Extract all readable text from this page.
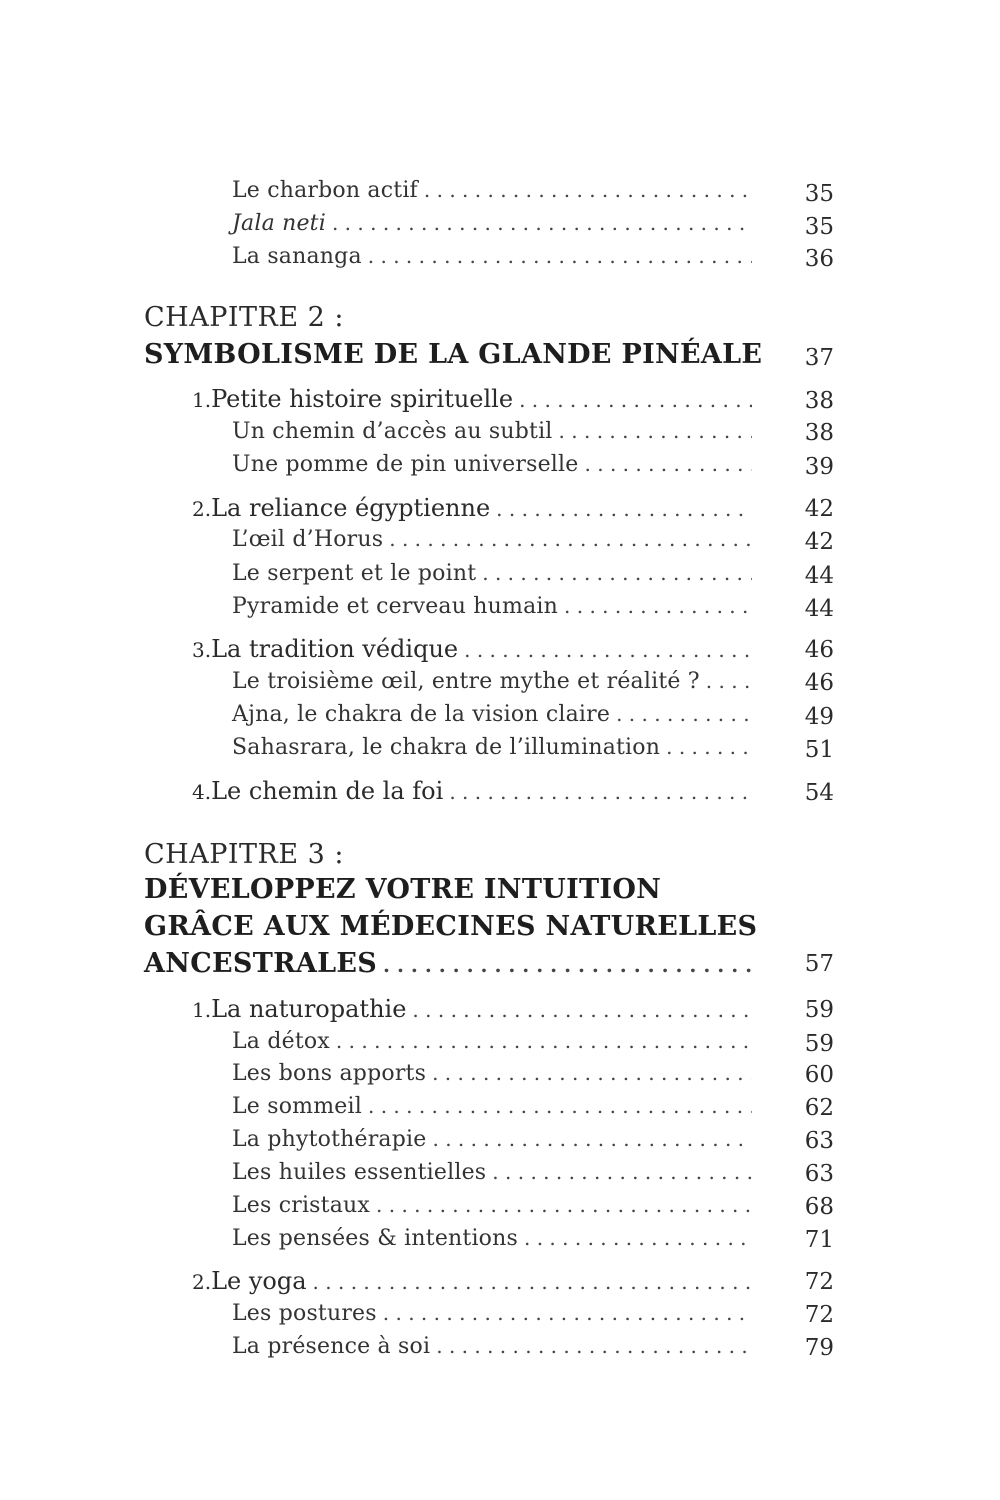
Le charbon actif . . .	35
Jala neti . . .	35
La sananga . . .	36
CHAPITRE 2 :
SYMBOLISME DE LA GLANDE PINÉALE 37
1. Petite histoire spirituelle . . .	38
Un chemin d’accès au subtil . . .	38
Une pomme de pin universelle . . .	39
2. La reliance égyptienne . . .	42
L’œil d’Horus . . .	42
Le serpent et le point . . .	44
Pyramide et cerveau humain . . .	44
3. La tradition védique . . .	46
Le troisième œil, entre mythe et réalité ? . . .	46
Ajna, le chakra de la vision claire . . .	49
Sahasrara, le chakra de l’illumination . . .	51
4. Le chemin de la foi . . .	54
CHAPITRE 3 :
DÉVELOPPEZ VOTRE INTUITION
GRÂCE AUX MÉDECINES NATURELLES
ANCESTRALES . . .	57
1. La naturopathie . . .	59
La détox . . .	59
Les bons apports . . .	60
Le sommeil . . .	62
La phytothérapie . . .	63
Les huiles essentielles . . .	63
Les cristaux . . .	68
Les pensées & intentions . . .	71
2. Le yoga . . .	72
Les postures . . .	72
La présence à soi . . .	79
